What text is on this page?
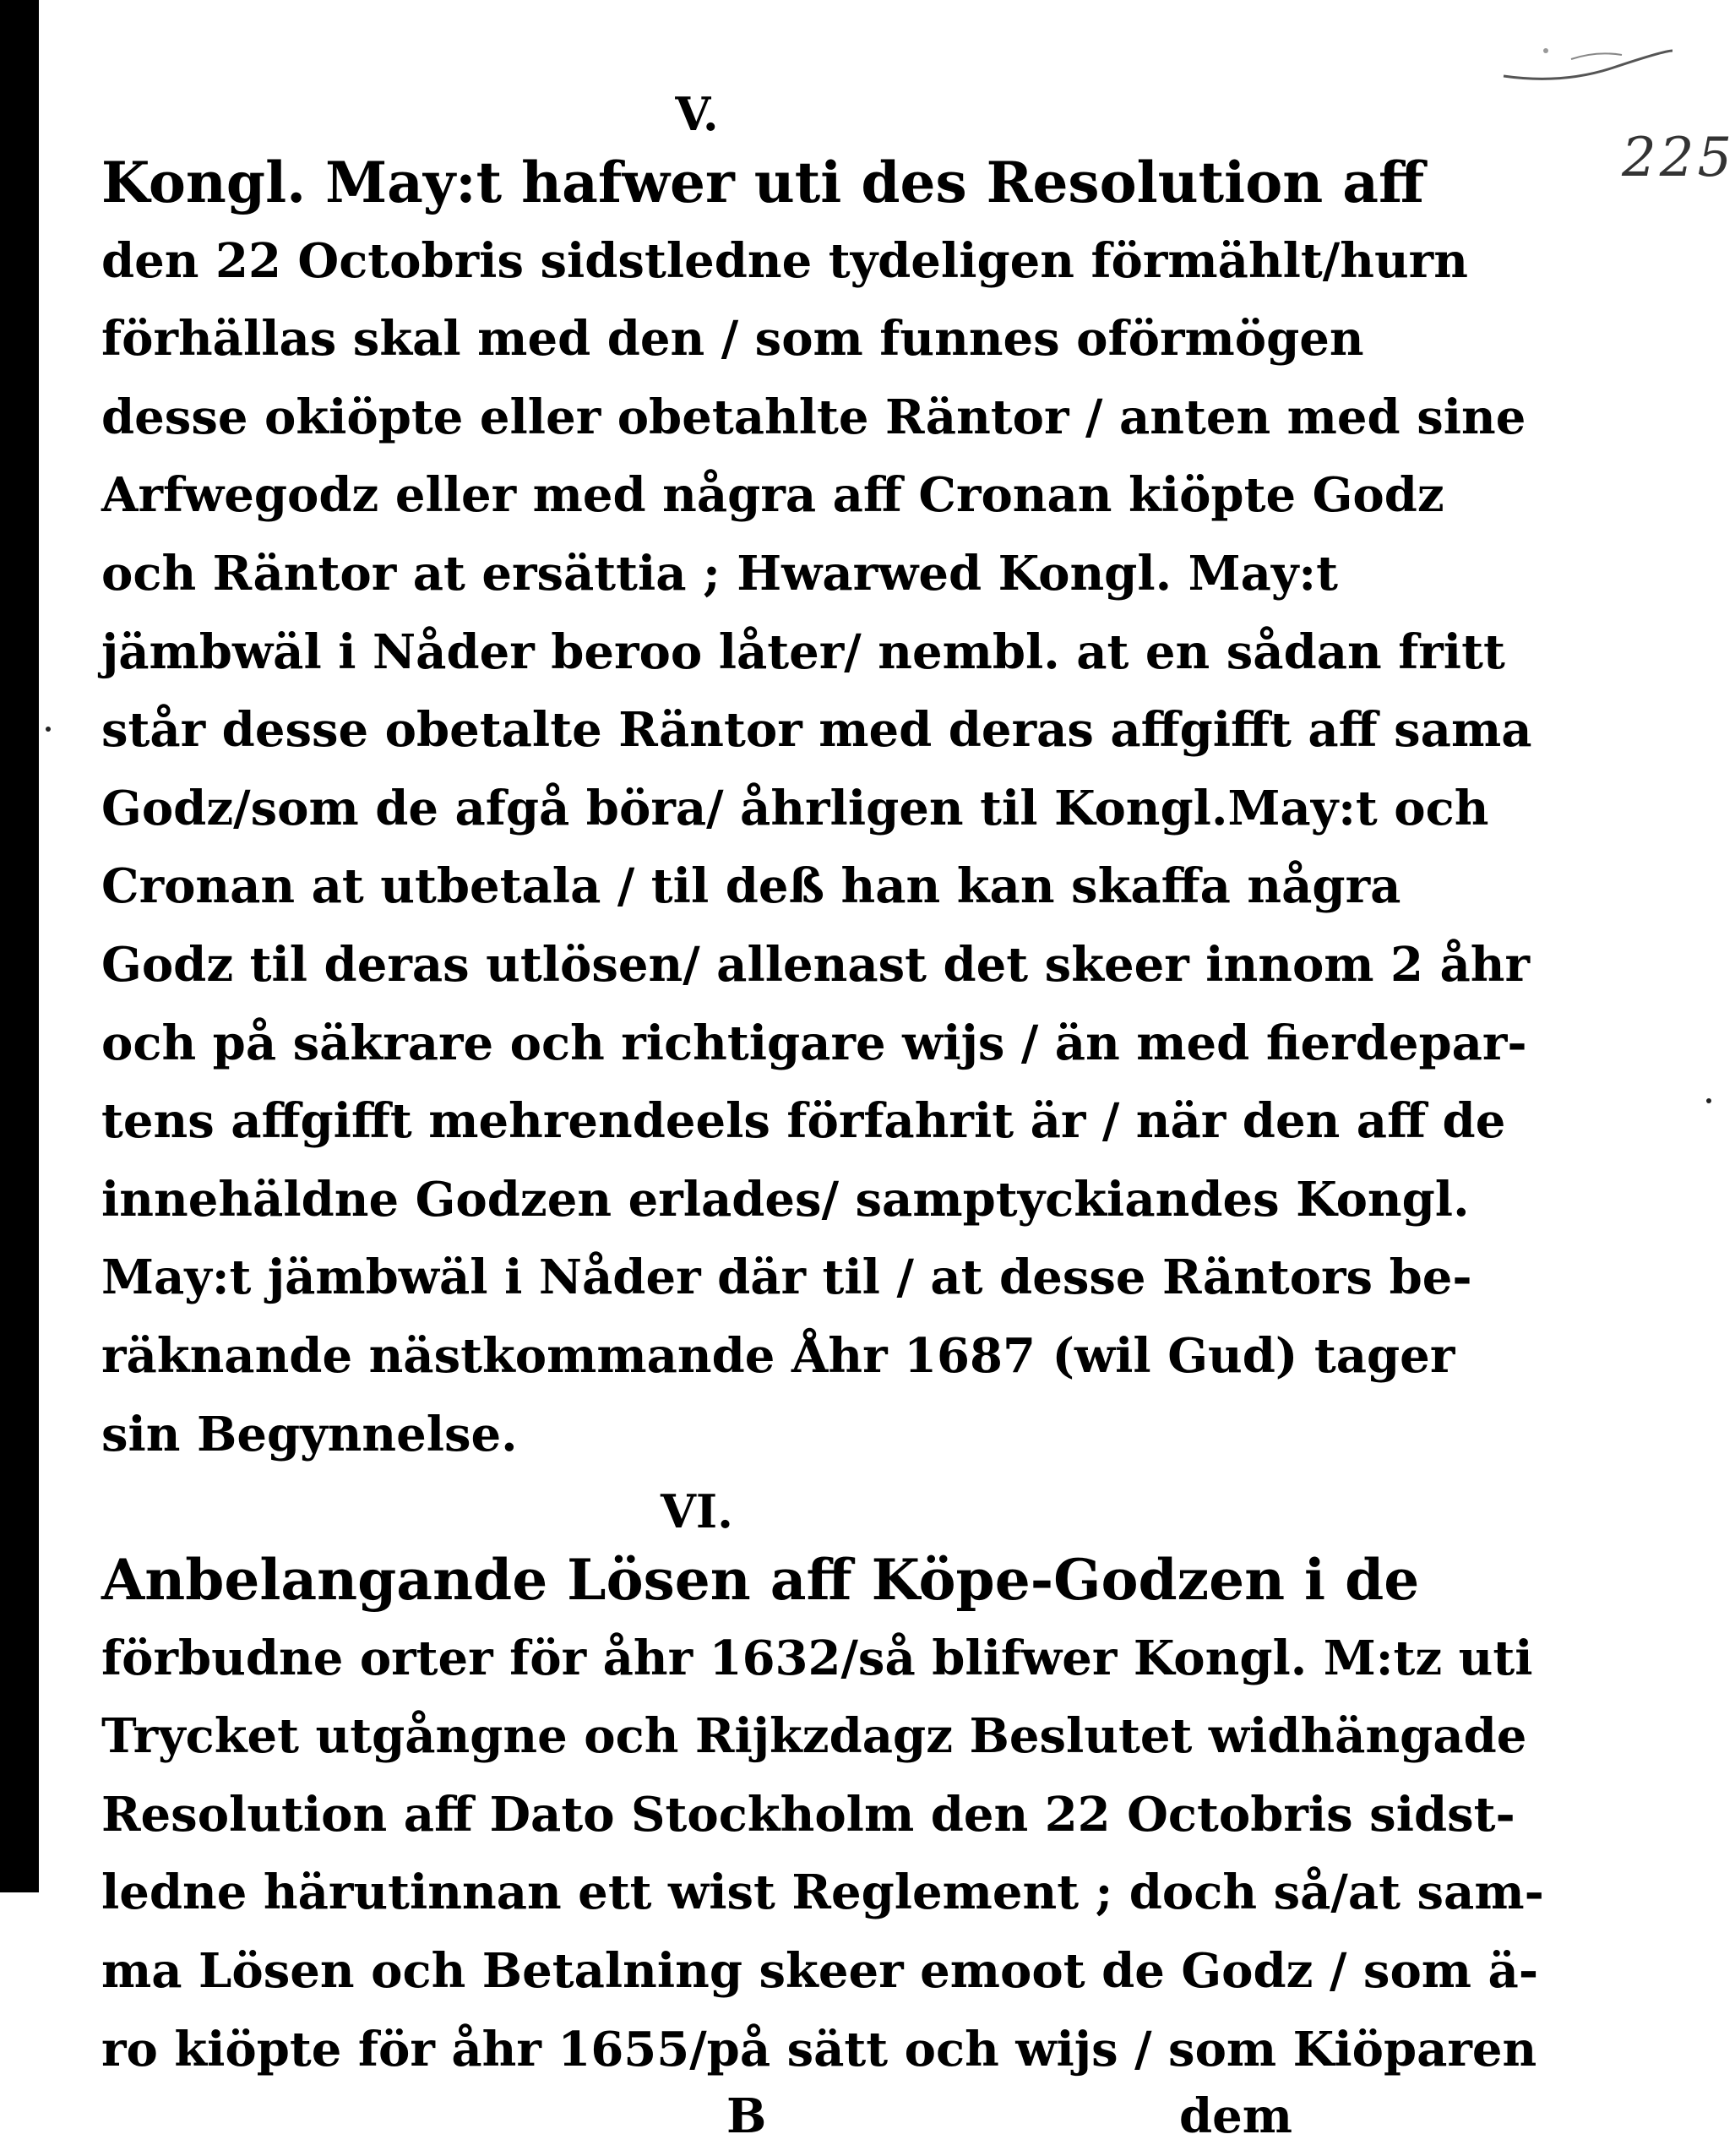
225
V.
Kongl. May:t hafwer uti des Resolution aff
den 22 Octobris sidstledne tydeligen förmählt/hurn
förhällas skal med den / som funnes oförmögen
desse okiöpte eller obetahlte Räntor / anten med sine
Arfwegodz eller med några aff Cronan kiöpte Godz
och Räntor at ersättia ; Hwarwed Kongl. May:t
jämbwäl i Nåder beroo låter/ nembl. at en sådan fritt
står desse obetalte Räntor med deras affgifft aff sama
Godz/som de afgå böra/ åhrligen til Kongl.May:t och
Cronan at utbetala / til deß han kan skaffa några
Godz til deras utlösen/ allenast det skeer innom 2 åhr
och på säkrare och richtigare wijs / än med fierdepar-
tens affgifft mehrendeels förfahrit är / när den aff de
innehäldne Godzen erlades/ samptyckiandes Kongl.
May:t jämbwäl i Nåder där til / at desse Räntors be-
räknande nästkommande Åhr 1687 (wil Gud) tager
sin Begynnelse.
VI.
Anbelangande Lösen aff Köpe-Godzen i de
förbudne orter för åhr 1632/så blifwer Kongl. M:tz uti
Trycket utgångne och Rijkzdagz Beslutet widhängade
Resolution aff Dato Stockholm den 22 Octobris sidst-
ledne härutinnan ett wist Reglement ; doch så/at sam-
ma Lösen och Betalning skeer emoot de Godz / som ä-
ro kiöpte för åhr 1655/på sätt och wijs / som Kiöparen
B	dem
